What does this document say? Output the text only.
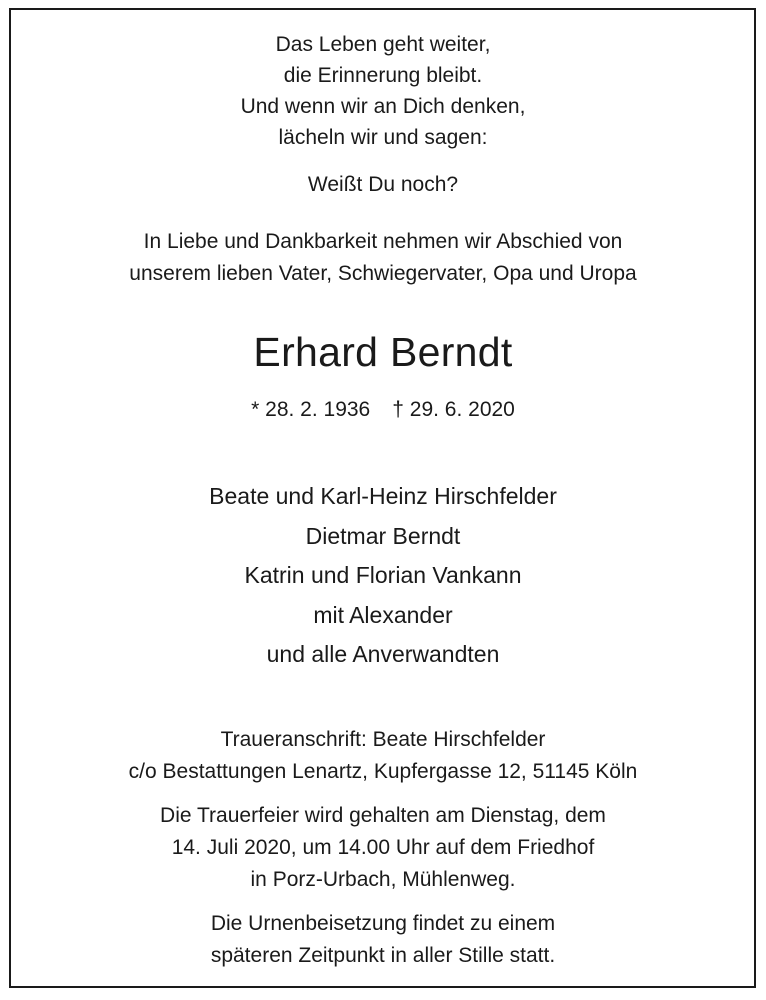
Das Leben geht weiter,
die Erinnerung bleibt.
Und wenn wir an Dich denken,
lächeln wir und sagen:
Weißt Du noch?
In Liebe und Dankbarkeit nehmen wir Abschied von
unserem lieben Vater, Schwiegervater, Opa und Uropa
Erhard Berndt
* 28. 2. 1936 † 29. 6. 2020
Beate und Karl-Heinz Hirschfelder
Dietmar Berndt
Katrin und Florian Vankann
mit Alexander
und alle Anverwandten
Traueranschrift: Beate Hirschfelder
c/o Bestattungen Lenartz, Kupfergasse 12, 51145 Köln
Die Trauerfeier wird gehalten am Dienstag, dem
14. Juli 2020, um 14.00 Uhr auf dem Friedhof
in Porz-Urbach, Mühlenweg.
Die Urnenbeisetzung findet zu einem
späteren Zeitpunkt in aller Stille statt.
